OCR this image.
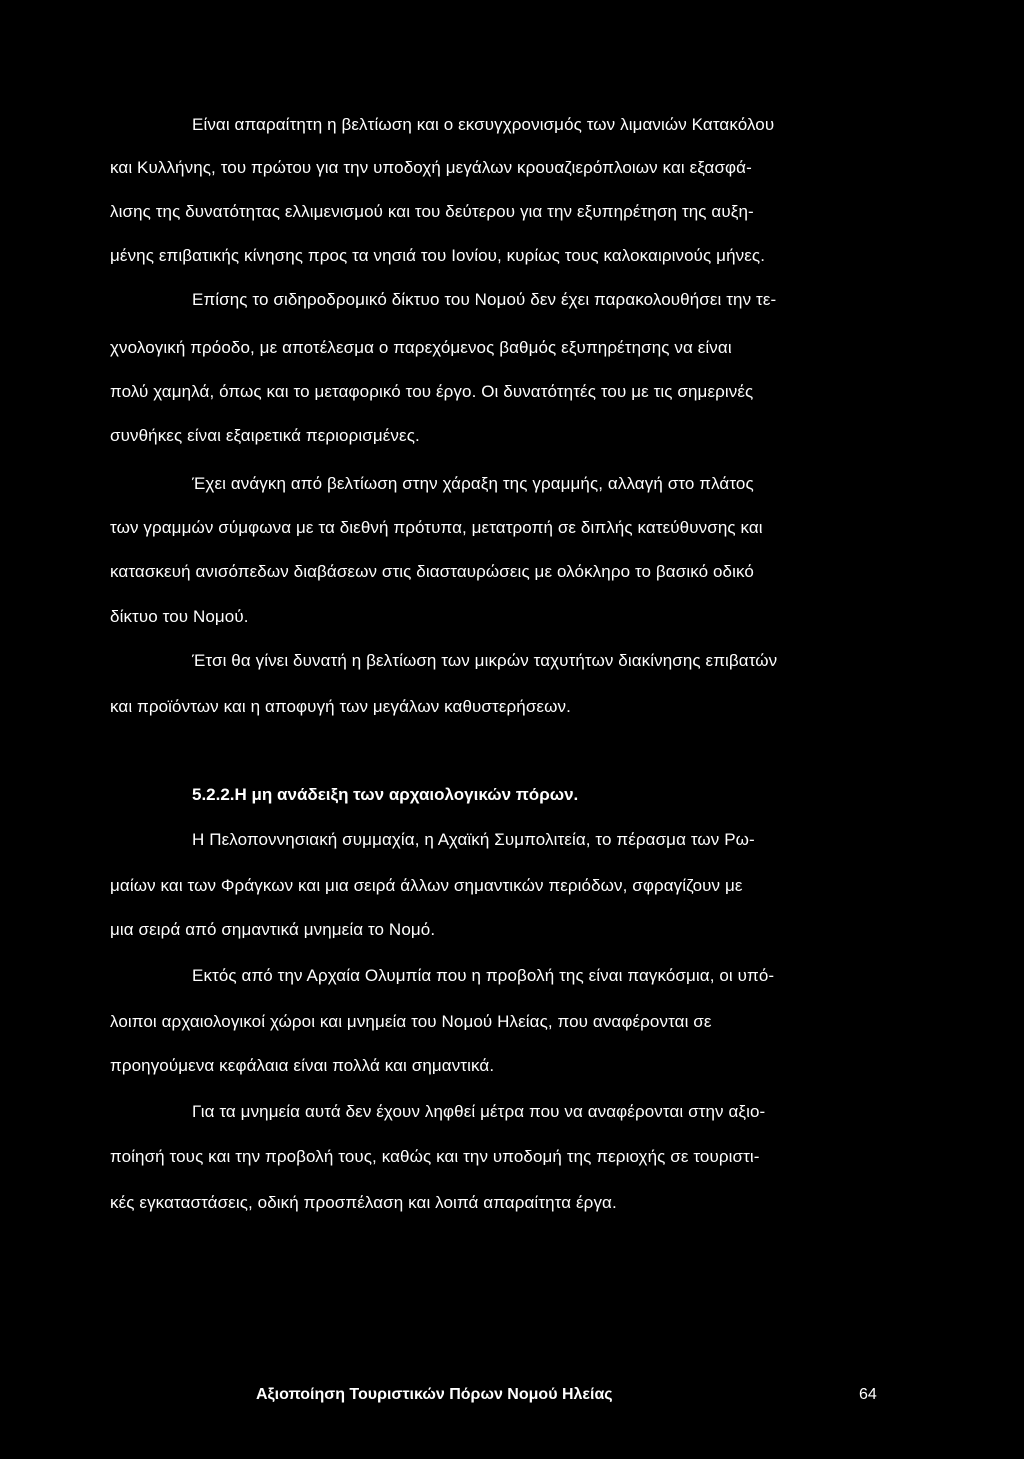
Είναι απαραίτητη η βελτίωση και ο εκσυγχρονισμός των λιμανιών Κατακόλου
και Κυλλήνης, του πρώτου για την υποδοχή μεγάλων κρουαζιερόπλοιων και εξασφά-
λισης της δυνατότητας ελλιμενισμού και του δεύτερου για την εξυπηρέτηση της αυξη-
μένης επιβατικής κίνησης προς τα νησιά του Ιονίου, κυρίως τους καλοκαιρινούς μήνες.
Επίσης το σιδηροδρομικό δίκτυο του Νομού δεν έχει παρακολουθήσει την τε-
χνολογική πρόοδο, με αποτέλεσμα ο παρεχόμενος βαθμός εξυπηρέτησης να είναι
πολύ χαμηλά, όπως και το μεταφορικό του έργο. Οι δυνατότητές του με τις σημερινές
συνθήκες είναι εξαιρετικά περιορισμένες.
Έχει ανάγκη από βελτίωση στην χάραξη της γραμμής, αλλαγή στο πλάτος
των γραμμών σύμφωνα με τα διεθνή πρότυπα, μετατροπή σε διπλής κατεύθυνσης και
κατασκευή ανισόπεδων διαβάσεων στις διασταυρώσεις με ολόκληρο το βασικό οδικό
δίκτυο του Νομού.
Έτσι θα γίνει δυνατή η βελτίωση των μικρών ταχυτήτων διακίνησης επιβατών
και προϊόντων και η αποφυγή των μεγάλων καθυστερήσεων.
5.2.2.Η μη ανάδειξη των αρχαιολογικών πόρων.
Η Πελοποννησιακή συμμαχία, η Αχαϊκή Συμπολιτεία, το πέρασμα των Ρω-
μαίων και των Φράγκων και μια σειρά άλλων σημαντικών περιόδων, σφραγίζουν με
μια σειρά από σημαντικά μνημεία το Νομό.
Εκτός από την Αρχαία Ολυμπία που η προβολή της είναι παγκόσμια, οι υπό-
λοιποι αρχαιολογικοί χώροι και μνημεία του Νομού Ηλείας, που αναφέρονται σε
προηγούμενα κεφάλαια είναι πολλά και σημαντικά.
Για τα μνημεία αυτά δεν έχουν ληφθεί μέτρα που να αναφέρονται στην αξιο-
ποίησή τους και την προβολή τους, καθώς και την υποδομή της περιοχής σε τουριστι-
κές εγκαταστάσεις, οδική προσπέλαση και λοιπά απαραίτητα έργα.
Αξιοποίηση Τουριστικών Πόρων Νομού Ηλείας	64
